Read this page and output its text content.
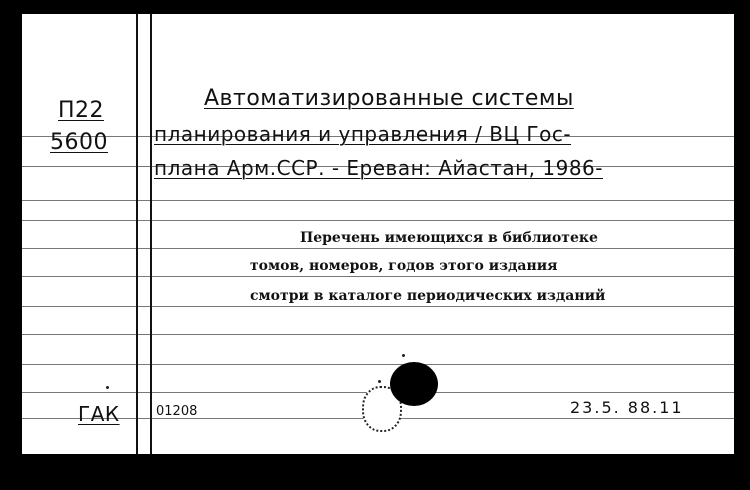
П22
5600
Автоматизированные системы
планирования и управления / ВЦ Гос-
плана Арм.ССР. - Ереван: Айастан, 1986-
Перечень имеющихся в библиотеке
томов, номеров, годов этого издания
смотри в каталоге периодических изданий
ГАК	01208	23.5. 88.11
